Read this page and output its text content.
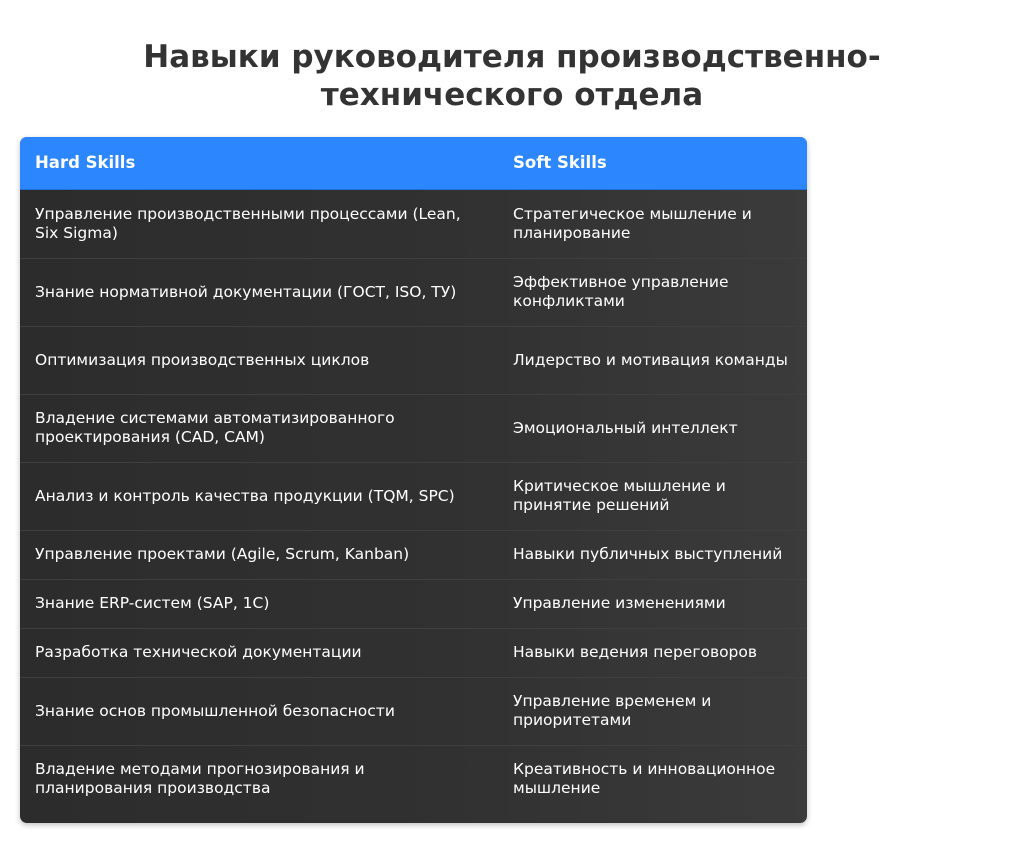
Навыки руководителя производственно-
технического отдела
Hard Skills	Soft Skills
Управление производственными процессами (Lean, Six Sigma)	Стратегическое мышление и планирование
Знание нормативной документации (ГОСТ, ISO, ТУ)	Эффективное управление конфликтами
Оптимизация производственных циклов	Лидерство и мотивация команды
Владение системами автоматизированного проектирования (CAD, CAM)	Эмоциональный интеллект
Анализ и контроль качества продукции (TQM, SPC)	Критическое мышление и принятие решений
Управление проектами (Agile, Scrum, Kanban)	Навыки публичных выступлений
Знание ERP-систем (SAP, 1C)	Управление изменениями
Разработка технической документации	Навыки ведения переговоров
Знание основ промышленной безопасности	Управление временем и приоритетами
Владение методами прогнозирования и планирования производства	Креативность и инновационное мышление
